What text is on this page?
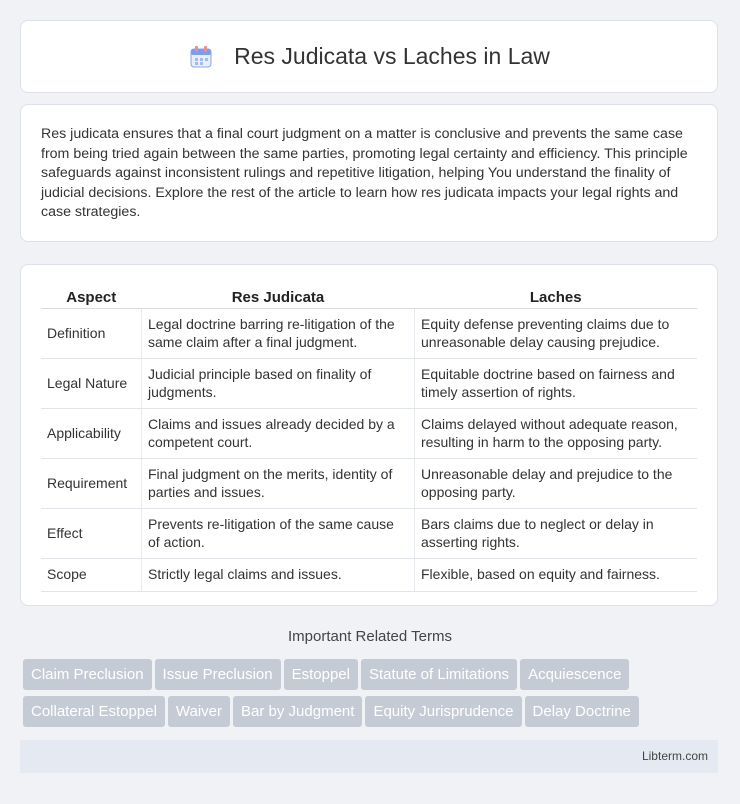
Res Judicata vs Laches in Law

Res judicata ensures that a final court judgment on a matter is conclusive and prevents the same case from being tried again between the same parties, promoting legal certainty and efficiency. This principle safeguards against inconsistent rulings and repetitive litigation, helping You understand the finality of judicial decisions. Explore the rest of the article to learn how res judicata impacts your legal rights and case strategies.

Aspect	Res Judicata	Laches
Definition	Legal doctrine barring re-litigation of the same claim after a final judgment.	Equity defense preventing claims due to unreasonable delay causing prejudice.
Legal Nature	Judicial principle based on finality of judgments.	Equitable doctrine based on fairness and timely assertion of rights.
Applicability	Claims and issues already decided by a competent court.	Claims delayed without adequate reason, resulting in harm to the opposing party.
Requirement	Final judgment on the merits, identity of parties and issues.	Unreasonable delay and prejudice to the opposing party.
Effect	Prevents re-litigation of the same cause of action.	Bars claims due to neglect or delay in asserting rights.
Scope	Strictly legal claims and issues.	Flexible, based on equity and fairness.
Important Related Terms
Claim Preclusion Issue Preclusion Estoppel Statute of Limitations Acquiescence
Collateral Estoppel Waiver Bar by Judgment Equity Jurisprudence Delay Doctrine
Libterm.com
